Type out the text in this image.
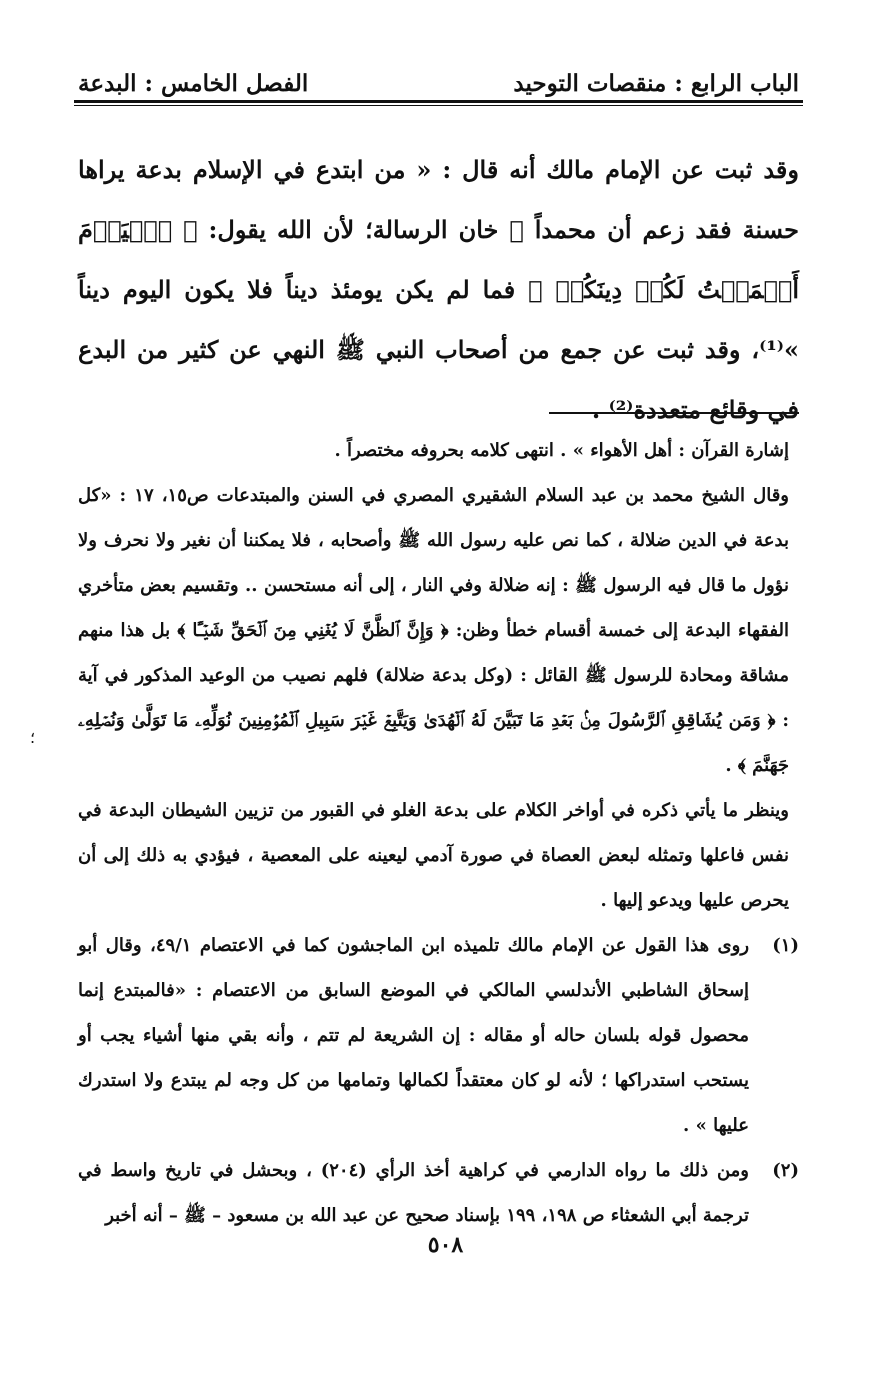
الباب الرابع : منقصات التوحيد
الفصل الخامس : البدعة

وقد ثبت عن الإمام مالك أنه قال : « من ابتدع في الإسلام بدعة يراها حسنة فقد زعم أن محمداً ﷺ خان الرسالة؛ لأن الله يقول: ﴿ ٱلۡيَوۡمَ أَكۡمَلۡتُ لَكُمۡ دِينَكُمۡ ﴾ فما لم يكن يومئذ ديناً فلا يكون اليوم ديناً »⁽¹⁾، وقد ثبت عن جمع من أصحاب النبي ﷺ النهي عن كثير من البدع في وقائع متعددة⁽²⁾ .

إشارة القرآن : أهل الأهواء » . انتهى كلامه بحروفه مختصراً .

وقال الشيخ محمد بن عبد السلام الشقيري المصري في السنن والمبتدعات ص١٥، ١٧ : «كل بدعة في الدين ضلالة ، كما نص عليه رسول الله ﷺ وأصحابه ، فلا يمكننا أن نغير ولا نحرف ولا نؤول ما قال فيه الرسول ﷺ : إنه ضلالة وفي النار ، إلى أنه مستحسن .. وتقسيم بعض متأخري الفقهاء البدعة إلى خمسة أقسام خطأ وظن: ﴿ وَإِنَّ ٱلظَّنَّ لَا يُغۡنِي مِنَ ٱلۡحَقِّ شَيۡـًٔا ﴾ بل هذا منهم مشاقة ومحادة للرسول ﷺ القائل : (وكل بدعة ضلالة) فلهم نصيب من الوعيد المذكور في آية : ﴿ وَمَن يُشَاقِقِ ٱلرَّسُولَ مِنۢ بَعۡدِ مَا تَبَيَّنَ لَهُ ٱلۡهُدَىٰ وَيَتَّبِعۡ غَيۡرَ سَبِيلِ ٱلۡمُؤۡمِنِينَ نُوَلِّهِۦ مَا تَوَلَّىٰ وَنُصۡلِهِۦ جَهَنَّمَ ﴾ .

وينظر ما يأتي ذكره في أواخر الكلام على بدعة الغلو في القبور من تزيين الشيطان البدعة في نفس فاعلها وتمثله لبعض العصاة في صورة آدمي ليعينه على المعصية ، فيؤدي به ذلك إلى أن يحرص عليها ويدعو إليها .

(١)
روى هذا القول عن الإمام مالك تلميذه ابن الماجشون كما في الاعتصام ٤٩/١، وقال أبو إسحاق الشاطبي الأندلسي المالكي في الموضع السابق من الاعتصام : «فالمبتدع إنما محصول قوله بلسان حاله أو مقاله : إن الشريعة لم تتم ، وأنه بقي منها أشياء يجب أو يستحب استدراكها ؛ لأنه لو كان معتقداً لكمالها وتمامها من كل وجه لم يبتدع ولا استدرك عليها » .

(٢)
ومن ذلك ما رواه الدارمي في كراهية أخذ الرأي (٢٠٤) ، وبحشل في تاريخ واسط في ترجمة أبي الشعثاء ص ١٩٨، ١٩٩ بإسناد صحيح عن عبد الله بن مسعود – ﷺ – أنه أخبر

؛
٥٠٨
